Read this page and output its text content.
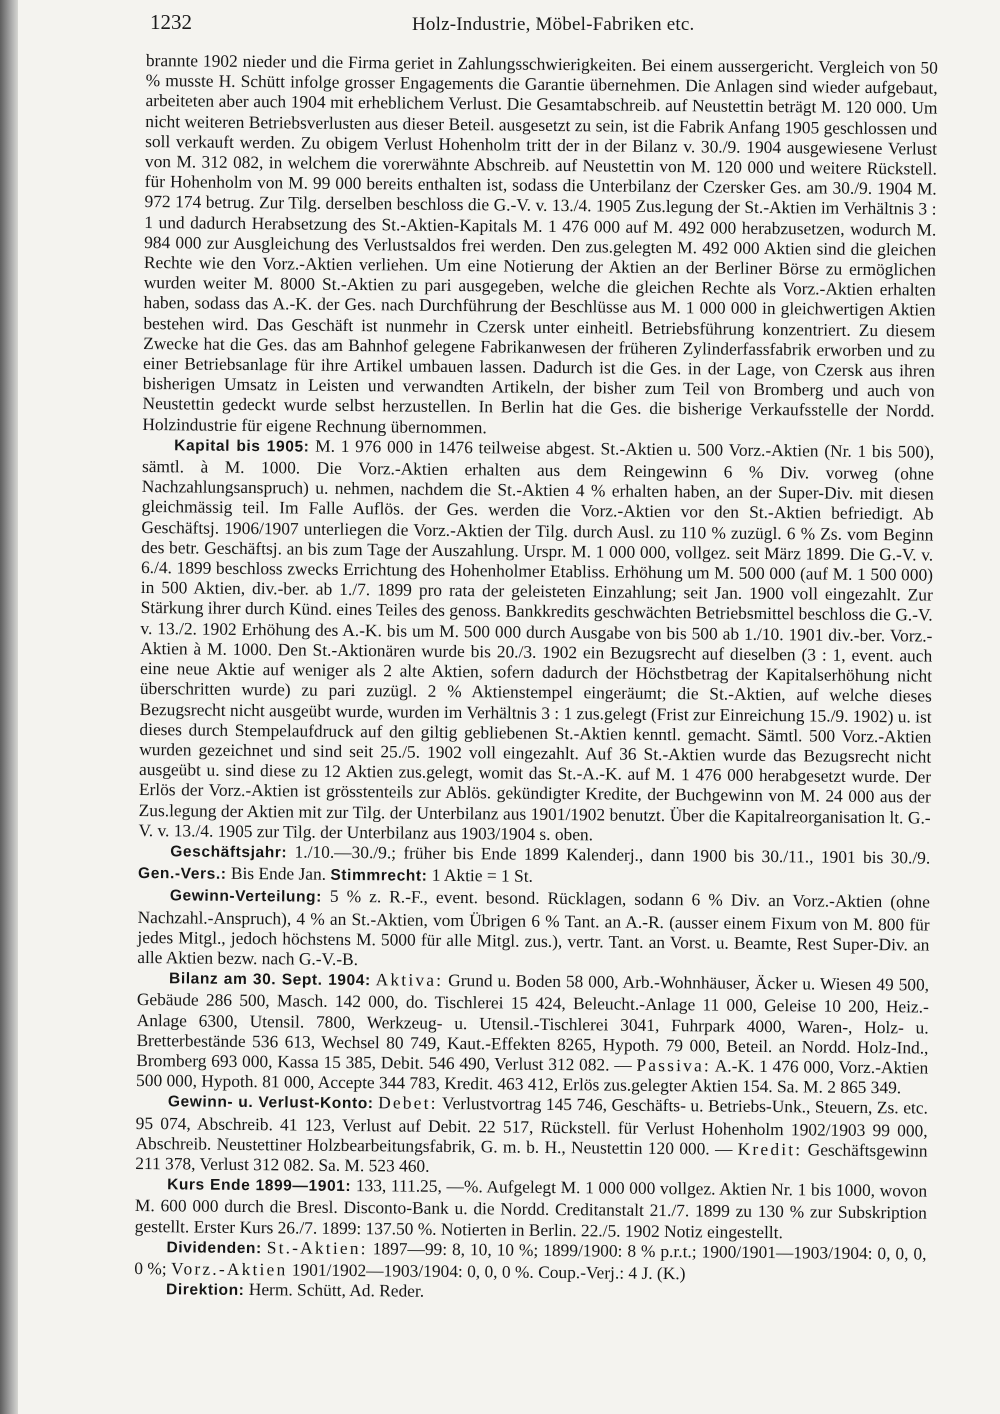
1232	Holz-Industrie, Möbel-Fabriken etc.

brannte 1902 nieder und die Firma geriet in Zahlungsschwierigkeiten. Bei einem aussergericht. Vergleich von 50 % musste H. Schütt infolge grosser Engagements die Garantie übernehmen. Die Anlagen sind wieder aufgebaut, arbeiteten aber auch 1904 mit erheblichem Verlust. Die Gesamtabschreib. auf Neustettin beträgt M. 120 000. Um nicht weiteren Betriebsverlusten aus dieser Beteil. ausgesetzt zu sein, ist die Fabrik Anfang 1905 geschlossen und soll verkauft werden. Zu obigem Verlust Hohenholm tritt der in der Bilanz v. 30./9. 1904 ausgewiesene Verlust von M. 312 082, in welchem die vorerwähnte Abschreib. auf Neustettin von M. 120 000 und weitere Rückstell. für Hohenholm von M. 99 000 bereits enthalten ist, sodass die Unterbilanz der Czersker Ges. am 30./9. 1904 M. 972 174 betrug. Zur Tilg. derselben beschloss die G.-V. v. 13./4. 1905 Zus.legung der St.-Aktien im Verhältnis 3 : 1 und dadurch Herabsetzung des St.-Aktien-Kapitals M. 1 476 000 auf M. 492 000 herabzusetzen, wodurch M. 984 000 zur Ausgleichung des Verlustsaldos frei werden. Den zus.gelegten M. 492 000 Aktien sind die gleichen Rechte wie den Vorz.-Aktien verliehen. Um eine Notierung der Aktien an der Berliner Börse zu ermöglichen wurden weiter M. 8000 St.-Aktien zu pari ausgegeben, welche die gleichen Rechte als Vorz.-Aktien erhalten haben, sodass das A.-K. der Ges. nach Durchführung der Beschlüsse aus M. 1 000 000 in gleichwertigen Aktien bestehen wird. Das Geschäft ist nunmehr in Czersk unter einheitl. Betriebsführung konzentriert. Zu diesem Zwecke hat die Ges. das am Bahnhof gelegene Fabrikanwesen der früheren Zylinderfassfabrik erworben und zu einer Betriebsanlage für ihre Artikel umbauen lassen. Dadurch ist die Ges. in der Lage, von Czersk aus ihren bisherigen Umsatz in Leisten und verwandten Artikeln, der bisher zum Teil von Bromberg und auch von Neustettin gedeckt wurde selbst herzustellen. In Berlin hat die Ges. die bisherige Verkaufsstelle der Nordd. Holzindustrie für eigene Rechnung übernommen.

Kapital bis 1905: M. 1 976 000 in 1476 teilweise abgest. St.-Aktien u. 500 Vorz.-Aktien (Nr. 1 bis 500), sämtl. à M. 1000. Die Vorz.-Aktien erhalten aus dem Reingewinn 6 % Div. vorweg (ohne Nachzahlungsanspruch) u. nehmen, nachdem die St.-Aktien 4 % erhalten haben, an der Super-Div. mit diesen gleichmässig teil. Im Falle Auflös. der Ges. werden die Vorz.-Aktien vor den St.-Aktien befriedigt. Ab Geschäftsj. 1906/1907 unterliegen die Vorz.-Aktien der Tilg. durch Ausl. zu 110 % zuzügl. 6 % Zs. vom Beginn des betr. Geschäftsj. an bis zum Tage der Auszahlung. Urspr. M. 1 000 000, vollgez. seit März 1899. Die G.-V. v. 6./4. 1899 beschloss zwecks Errichtung des Hohenholmer Etabliss. Erhöhung um M. 500 000 (auf M. 1 500 000) in 500 Aktien, div.-ber. ab 1./7. 1899 pro rata der geleisteten Einzahlung; seit Jan. 1900 voll eingezahlt. Zur Stärkung ihrer durch Künd. eines Teiles des genoss. Bankkredits geschwächten Betriebsmittel beschloss die G.-V. v. 13./2. 1902 Erhöhung des A.-K. bis um M. 500 000 durch Ausgabe von bis 500 ab 1./10. 1901 div.-ber. Vorz.-Aktien à M. 1000. Den St.-Aktionären wurde bis 20./3. 1902 ein Bezugsrecht auf dieselben (3 : 1, event. auch eine neue Aktie auf weniger als 2 alte Aktien, sofern dadurch der Höchstbetrag der Kapitalserhöhung nicht überschritten wurde) zu pari zuzügl. 2 % Aktienstempel eingeräumt; die St.-Aktien, auf welche dieses Bezugsrecht nicht ausgeübt wurde, wurden im Verhältnis 3 : 1 zus.gelegt (Frist zur Einreichung 15./9. 1902) u. ist dieses durch Stempelaufdruck auf den giltig gebliebenen St.-Aktien kenntl. gemacht. Sämtl. 500 Vorz.-Aktien wurden gezeichnet und sind seit 25./5. 1902 voll eingezahlt. Auf 36 St.-Aktien wurde das Bezugsrecht nicht ausgeübt u. sind diese zu 12 Aktien zus.gelegt, womit das St.-A.-K. auf M. 1 476 000 herabgesetzt wurde. Der Erlös der Vorz.-Aktien ist grösstenteils zur Ablös. gekündigter Kredite, der Buchgewinn von M. 24 000 aus der Zus.legung der Aktien mit zur Tilg. der Unterbilanz aus 1901/1902 benutzt. Über die Kapitalreorganisation lt. G.-V. v. 13./4. 1905 zur Tilg. der Unterbilanz aus 1903/1904 s. oben.

Geschäftsjahr: 1./10.—30./9.; früher bis Ende 1899 Kalenderj., dann 1900 bis 30./11., 1901 bis 30./9. Gen.-Vers.: Bis Ende Jan. Stimmrecht: 1 Aktie = 1 St.

Gewinn-Verteilung: 5 % z. R.-F., event. besond. Rücklagen, sodann 6 % Div. an Vorz.-Aktien (ohne Nachzahl.-Anspruch), 4 % an St.-Aktien, vom Übrigen 6 % Tant. an A.-R. (ausser einem Fixum von M. 800 für jedes Mitgl., jedoch höchstens M. 5000 für alle Mitgl. zus.), vertr. Tant. an Vorst. u. Beamte, Rest Super-Div. an alle Aktien bezw. nach G.-V.-B.

Bilanz am 30. Sept. 1904: Aktiva: Grund u. Boden 58 000, Arb.-Wohnhäuser, Äcker u. Wiesen 49 500, Gebäude 286 500, Masch. 142 000, do. Tischlerei 15 424, Beleucht.-Anlage 11 000, Geleise 10 200, Heiz.-Anlage 6300, Utensil. 7800, Werkzeug- u. Utensil.-Tischlerei 3041, Fuhrpark 4000, Waren-, Holz- u. Bretterbestände 536 613, Wechsel 80 749, Kaut.-Effekten 8265, Hypoth. 79 000, Beteil. an Nordd. Holz-Ind., Bromberg 693 000, Kassa 15 385, Debit. 546 490, Verlust 312 082. — Passiva: A.-K. 1 476 000, Vorz.-Aktien 500 000, Hypoth. 81 000, Accepte 344 783, Kredit. 463 412, Erlös zus.gelegter Aktien 154. Sa. M. 2 865 349.

Gewinn- u. Verlust-Konto: Debet: Verlustvortrag 145 746, Geschäfts- u. Betriebs-Unk., Steuern, Zs. etc. 95 074, Abschreib. 41 123, Verlust auf Debit. 22 517, Rückstell. für Verlust Hohenholm 1902/1903 99 000, Abschreib. Neustettiner Holzbearbeitungsfabrik, G. m. b. H., Neustettin 120 000. — Kredit: Geschäftsgewinn 211 378, Verlust 312 082. Sa. M. 523 460.

Kurs Ende 1899—1901: 133, 111.25, —%. Aufgelegt M. 1 000 000 vollgez. Aktien Nr. 1 bis 1000, wovon M. 600 000 durch die Bresl. Disconto-Bank u. die Nordd. Creditanstalt 21./7. 1899 zu 130 % zur Subskription gestellt. Erster Kurs 26./7. 1899: 137.50 %. Notierten in Berlin. 22./5. 1902 Notiz eingestellt.

Dividenden: St.-Aktien: 1897—99: 8, 10, 10 %; 1899/1900: 8 % p.r.t.; 1900/1901—1903/1904: 0, 0, 0, 0 %; Vorz.-Aktien 1901/1902—1903/1904: 0, 0, 0 %. Coup.-Verj.: 4 J. (K.)

Direktion: Herm. Schütt, Ad. Reder.
